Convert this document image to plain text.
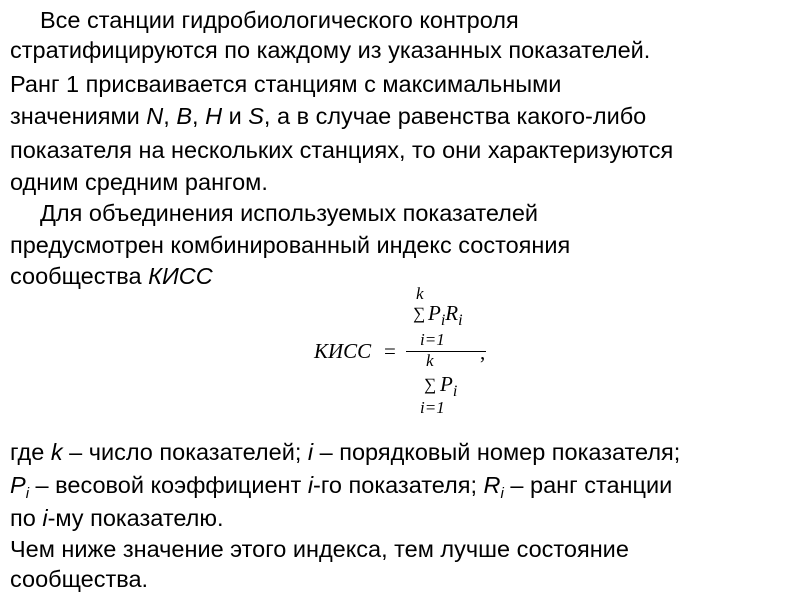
Все станции гидробиологического контроля
стратифицируются по каждому из указанных показателей.
Ранг 1 присваивается станциям с максимальными
значениями N, B, H и S, а в случае равенства какого-либо
показателя на нескольких станциях, то они характеризуются
одним средним рангом.
Для объединения используемых показателей
предусмотрен комбинированный индекс состояния
сообщества КИСС
k
∑ $P_iR_i$
i=1
КИСС =	,
k
∑ $P_i$
i=1
где k – число показателей; i – порядковый номер показателя;
$P_i$ – весовой коэффициент i-го показателя; $R_i$ – ранг станции
по i-му показателю.
Чем ниже значение этого индекса, тем лучше состояние
сообщества.
